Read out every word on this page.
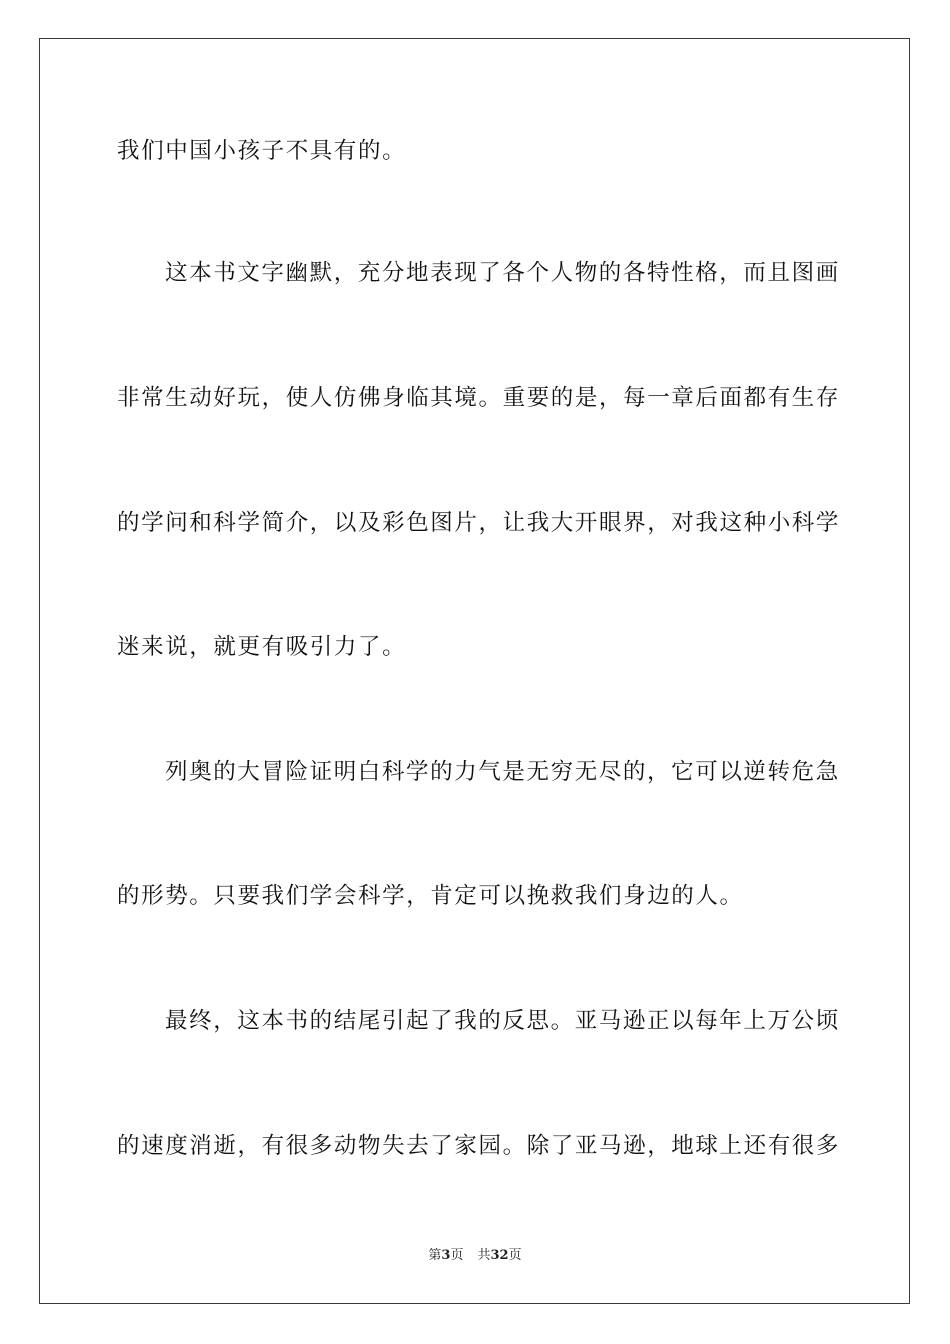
我们中国小孩子不具有的。
这本书文字幽默，充分地表现了各个人物的各特性格，而且图画
非常生动好玩，使人仿佛身临其境。重要的是，每一章后面都有生存
的学问和科学简介，以及彩色图片，让我大开眼界，对我这种小科学
迷来说，就更有吸引力了。
列奥的大冒险证明白科学的力气是无穷无尽的，它可以逆转危急
的形势。只要我们学会科学，肯定可以挽救我们身边的人。
最终，这本书的结尾引起了我的反思。亚马逊正以每年上万公顷
的速度消逝，有很多动物失去了家园。除了亚马逊，地球上还有很多
第3页 共32页
